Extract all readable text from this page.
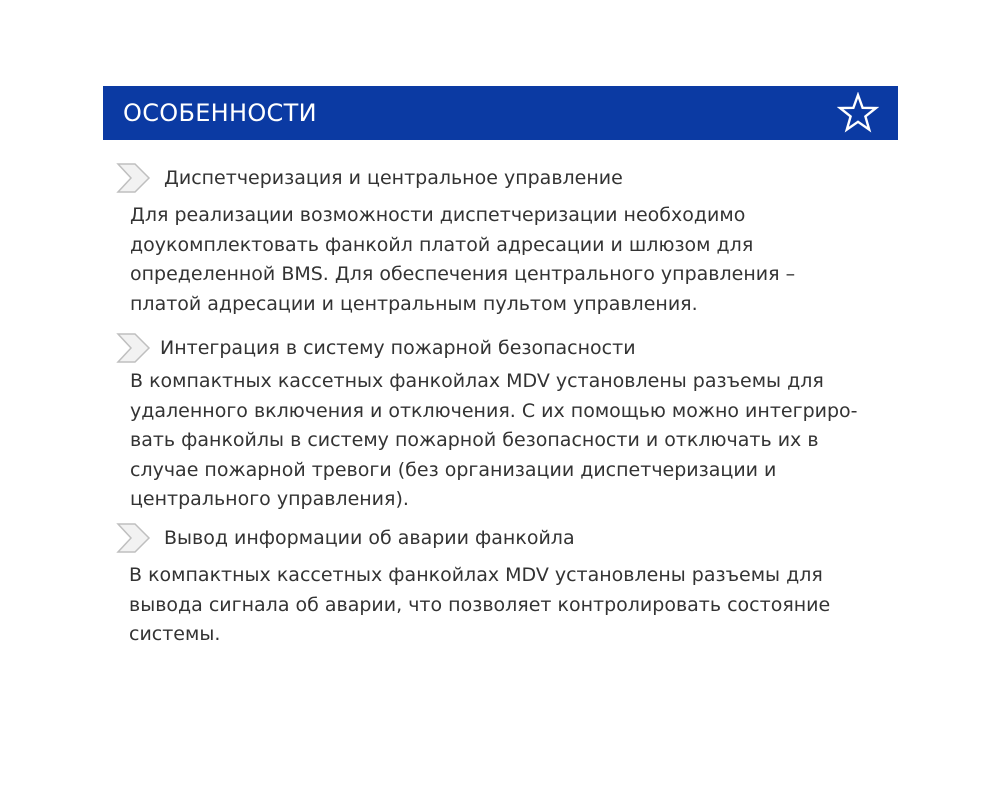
ОСОБЕННОСТИ
Диспетчеризация и центральное управление
Для реализации возможности диспетчеризации необходимо
доукомплектовать фанкойл платой адресации и шлюзом для
определенной BMS. Для обеспечения центрального управления –
платой адресации и центральным пультом управления.
Интеграция в систему пожарной безопасности
В компактных кассетных фанкойлах MDV установлены разъемы для
удаленного включения и отключения. С их помощью можно интегриро-
вать фанкойлы в систему пожарной безопасности и отключать их в
случае пожарной тревоги (без организации диспетчеризации и
центрального управления).
Вывод информации об аварии фанкойла
В компактных кассетных фанкойлах MDV установлены разъемы для
вывода сигнала об аварии, что позволяет контролировать состояние
системы.
